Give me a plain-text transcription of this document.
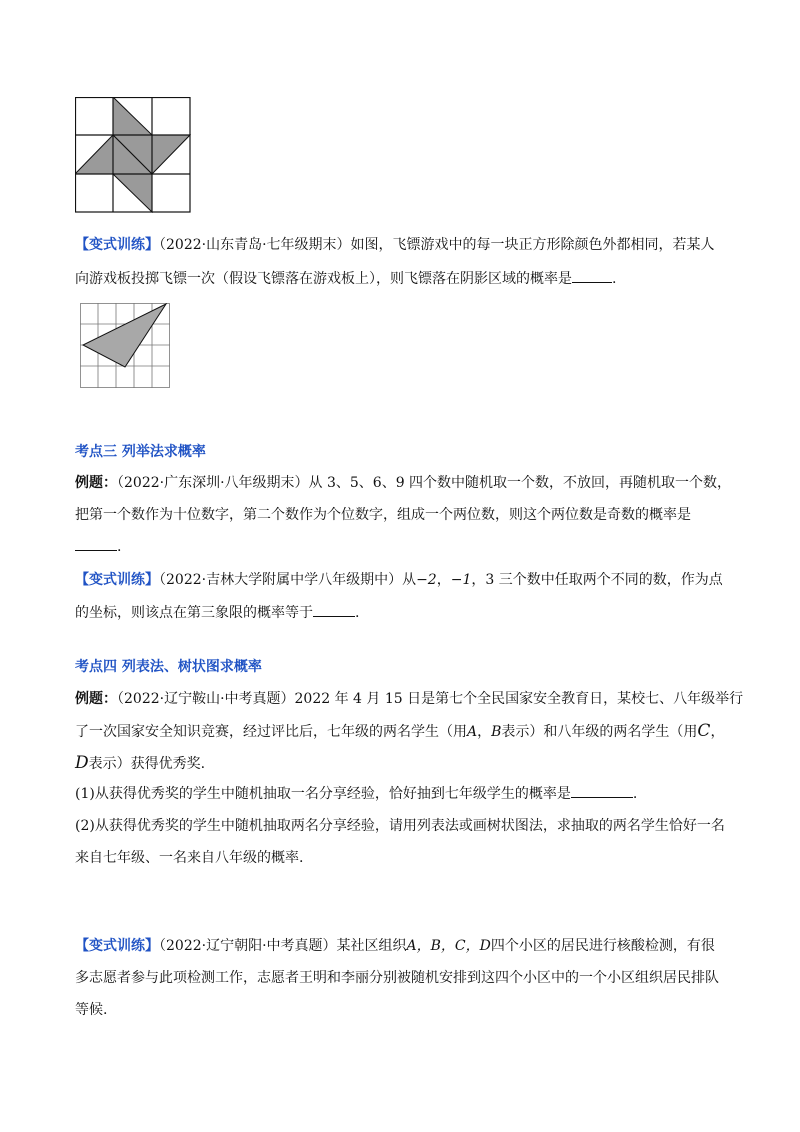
【变式训练】（2022·山东青岛·七年级期末）如图，飞镖游戏中的每一块正方形除颜色外都相同，若某人
向游戏板投掷飞镖一次（假设飞镖落在游戏板上），则飞镖落在阴影区域的概率是	.
考点三 列举法求概率
例题：（2022·广东深圳·八年级期末）从 3、5、6、9 四个数中随机取一个数，不放回，再随机取一个数，
把第一个数作为十位数字，第二个数作为个位数字，组成一个两位数，则这个两位数是奇数的概率是
.
【变式训练】（2022·吉林大学附属中学八年级期中）从−2，−1，3 三个数中任取两个不同的数，作为点
的坐标，则该点在第三象限的概率等于	.
考点四 列表法、树状图求概率
例题：（2022·辽宁鞍山·中考真题）2022 年 4 月 15 日是第七个全民国家安全教育日，某校七、八年级举行
了一次国家安全知识竞赛，经过评比后，七年级的两名学生（用A，B表示）和八年级的两名学生（用C，
D表示）获得优秀奖.
(1)从获得优秀奖的学生中随机抽取一名分享经验，恰好抽到七年级学生的概率是	.
(2)从获得优秀奖的学生中随机抽取两名分享经验，请用列表法或画树状图法，求抽取的两名学生恰好一名
来自七年级、一名来自八年级的概率.
【变式训练】（2022·辽宁朝阳·中考真题）某社区组织A，B，C，D四个小区的居民进行核酸检测，有很
多志愿者参与此项检测工作，志愿者王明和李丽分别被随机安排到这四个小区中的一个小区组织居民排队
等候.
